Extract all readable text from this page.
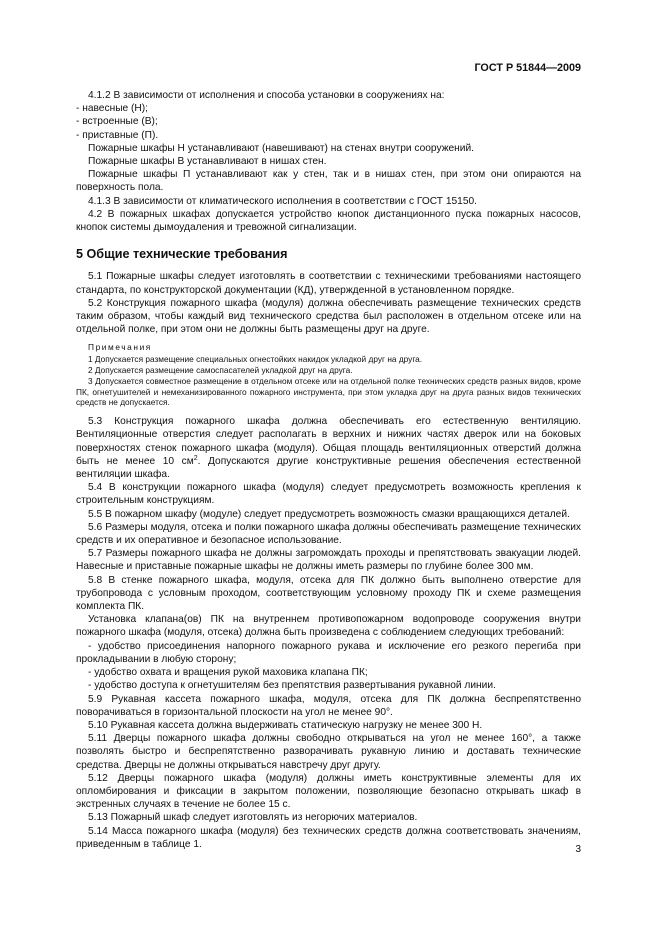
ГОСТ Р 51844—2009

4.1.2 В зависимости от исполнения и способа установки в сооружениях на:

- навесные (Н);

- встроенные (В);

- приставные (П).

Пожарные шкафы Н устанавливают (навешивают) на стенах внутри сооружений.

Пожарные шкафы В устанавливают в нишах стен.

Пожарные шкафы П устанавливают как у стен, так и в нишах стен, при этом они опираются на поверхность пола.

4.1.3 В зависимости от климатического исполнения в соответствии с ГОСТ 15150.

4.2 В пожарных шкафах допускается устройство кнопок дистанционного пуска пожарных насосов, кнопок системы дымоудаления и тревожной сигнализации.

5 Общие технические требования

5.1 Пожарные шкафы следует изготовлять в соответствии с техническими требованиями настоящего стандарта, по конструкторской документации (КД), утвержденной в установленном порядке.

5.2 Конструкция пожарного шкафа (модуля) должна обеспечивать размещение технических средств таким образом, чтобы каждый вид технического средства был расположен в отдельном отсеке или на отдельной полке, при этом они не должны быть размещены друг на друге.

Примечания

1 Допускается размещение специальных огнестойких накидок укладкой друг на друга.

2 Допускается размещение самоспасателей укладкой друг на друга.

3 Допускается совместное размещение в отдельном отсеке или на отдельной полке технических средств разных видов, кроме ПК, огнетушителей и немеханизированного пожарного инструмента, при этом укладка друг на друга разных видов технических средств не допускается.

5.3 Конструкция пожарного шкафа должна обеспечивать его естественную вентиляцию. Вентиляционные отверстия следует располагать в верхних и нижних частях дверок или на боковых поверхностях стенок пожарного шкафа (модуля). Общая площадь вентиляционных отверстий должна быть не менее 10 $см^2$. Допускаются другие конструктивные решения обеспечения естественной вентиляции шкафа.

5.4 В конструкции пожарного шкафа (модуля) следует предусмотреть возможность крепления к строительным конструкциям.

5.5 В пожарном шкафу (модуле) следует предусмотреть возможность смазки вращающихся деталей.

5.6 Размеры модуля, отсека и полки пожарного шкафа должны обеспечивать размещение технических средств и их оперативное и безопасное использование.

5.7 Размеры пожарного шкафа не должны загромождать проходы и препятствовать эвакуации людей. Навесные и приставные пожарные шкафы не должны иметь размеры по глубине более 300 мм.

5.8 В стенке пожарного шкафа, модуля, отсека для ПК должно быть выполнено отверстие для трубопровода с условным проходом, соответствующим условному проходу ПК и схеме размещения комплекта ПК.

Установка клапана(ов) ПК на внутреннем противопожарном водопроводе сооружения внутри пожарного шкафа (модуля, отсека) должна быть произведена с соблюдением следующих требований:

- удобство присоединения напорного пожарного рукава и исключение его резкого перегиба при прокладывании в любую сторону;

- удобство охвата и вращения рукой маховика клапана ПК;

- удобство доступа к огнетушителям без препятствия развертывания рукавной линии.

5.9 Рукавная кассета пожарного шкафа, модуля, отсека для ПК должна беспрепятственно поворачиваться в горизонтальной плоскости на угол не менее 90°.

5.10 Рукавная кассета должна выдерживать статическую нагрузку не менее 300 Н.

5.11 Дверцы пожарного шкафа должны свободно открываться на угол не менее 160°, а также позволять быстро и беспрепятственно разворачивать рукавную линию и доставать технические средства. Дверцы не должны открываться навстречу друг другу.

5.12 Дверцы пожарного шкафа (модуля) должны иметь конструктивные элементы для их опломбирования и фиксации в закрытом положении, позволяющие безопасно открывать шкаф в экстренных случаях в течение не более 15 с.

5.13 Пожарный шкаф следует изготовлять из негорючих материалов.

5.14 Масса пожарного шкафа (модуля) без технических средств должна соответствовать значениям, приведенным в таблице 1.	3
